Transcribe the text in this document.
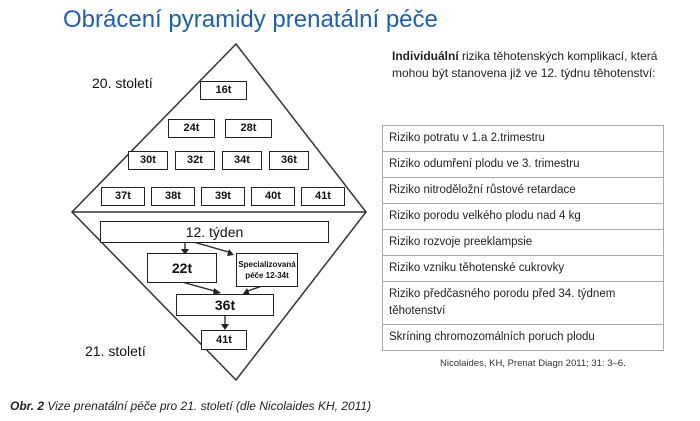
Obrácení pyramidy prenatální péče
20. století
21. století
16t
24t	28t
30t	32t	34t	36t
37t	38t	39t	40t	41t
12. týden
22t	Specializovaná péče 12-34t
36t
41t
Individuální rizika těhotenských komplikací, která mohou být stanovena již ve 12. týdnu těhotenství:
Riziko potratu v 1.a 2.trimestru
Riziko odumření plodu ve 3. trimestru
Riziko nitroděložní růstové retardace
Riziko porodu velkého plodu nad 4 kg
Riziko rozvoje preeklampsie
Riziko vzniku těhotenské cukrovky
Riziko předčasného porodu před 34. týdnem těhotenství
Skríning chromozomálních poruch plodu
Nicolaides, KH, Prenat Diagn 2011; 31: 3–6.
Obr. 2 Vize prenatální péče pro 21. století (dle Nicolaides KH, 2011)
